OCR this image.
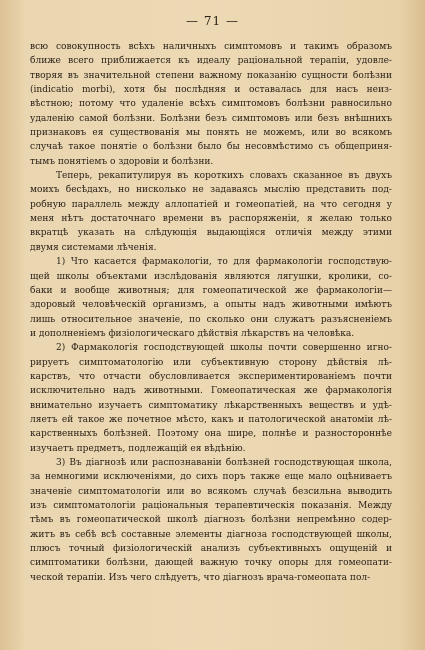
— 71 —
всю совокупность всѣхъ наличныхъ симптомовъ и такимъ образомъ
ближе всего приближается къ идеалу раціональной терапіи, удовле-
творяя въ значительной степени важному показанію сущности болѣзни
(indicatio morbi), хотя бы послѣдняя и оставалась для насъ неиз-
вѣстною; потому что удаленіе всѣхъ симптомовъ болѣзни равносильно
удаленію самой болѣзни. Болѣзни безъ симптомовъ или безъ внѣшнихъ
признаковъ ея существованія мы понять не можемъ, или во всякомъ
случаѣ такое понятіе о болѣзни было бы несовмѣстимо съ общеприня-
тымъ понятіемъ о здоровіи и болѣзни.
Теперь, рекапитулируя въ короткихъ словахъ сказанное въ двухъ
моихъ бесѣдахъ, но нисколько не задаваясь мыслію представить под-
робную параллель между аллопатіей и гомеопатіей, на что сегодня у
меня нѣтъ достаточнаго времени въ распоряженіи, я желаю только
вкратцѣ указать на слѣдующія выдающіяся отличія между этими
двумя системами лѣченія.
1) Что касается фармакологіи, то для фармакологіи господствую-
щей школы объектами изслѣдованія являются лягушки, кролики, со-
баки и вообще животныя; для гомеопатической же фармакологіи—
здоровый человѣческій организмъ, а опыты надъ животными имѣютъ
лишь относительное значеніе, по сколько они служатъ разъясненіемъ
и дополненіемъ физіологическаго дѣйствія лѣкарствъ на человѣка.
2) Фармакологія господствующей школы почти совершенно игно-
рируетъ симптоматологію или субъективную сторону дѣйствія лѣ-
карствъ, что отчасти обусловливается экспериментированіемъ почти
исключительно надъ животными. Гомеопатическая же фармакологія
внимательно изучаетъ симптоматику лѣкарственныхъ веществъ и удѣ-
ляетъ ей такое же почетное мѣсто, какъ и патологической анатоміи лѣ-
карственныхъ болѣзней. Поэтому она шире, полнѣе и разностороннѣе
изучаетъ предметъ, подлежащій ея вѣдѣнію.
3) Въ діагнозѣ или распознаваніи болѣзней господствующая школа,
за немногими исключеніями, до сихъ поръ также еще мало оцѣниваетъ
значеніе симптоматологіи или во всякомъ случаѣ безсильна выводить
изъ симптоматологіи раціональныя терапевтическія показанія. Между
тѣмъ въ гомеопатической школѣ діагнозъ болѣзни непремѣнно содер-
житъ въ себѣ всѣ составные элементы діагноза господствующей школы,
плюсъ точный физіологическій анализъ субъективныхъ ощущеній и
симптоматики болѣзни, дающей важную точку опоры для гомеопати-
ческой терапіи. Изъ чего слѣдуетъ, что діагнозъ врача-гомеопата пол-
